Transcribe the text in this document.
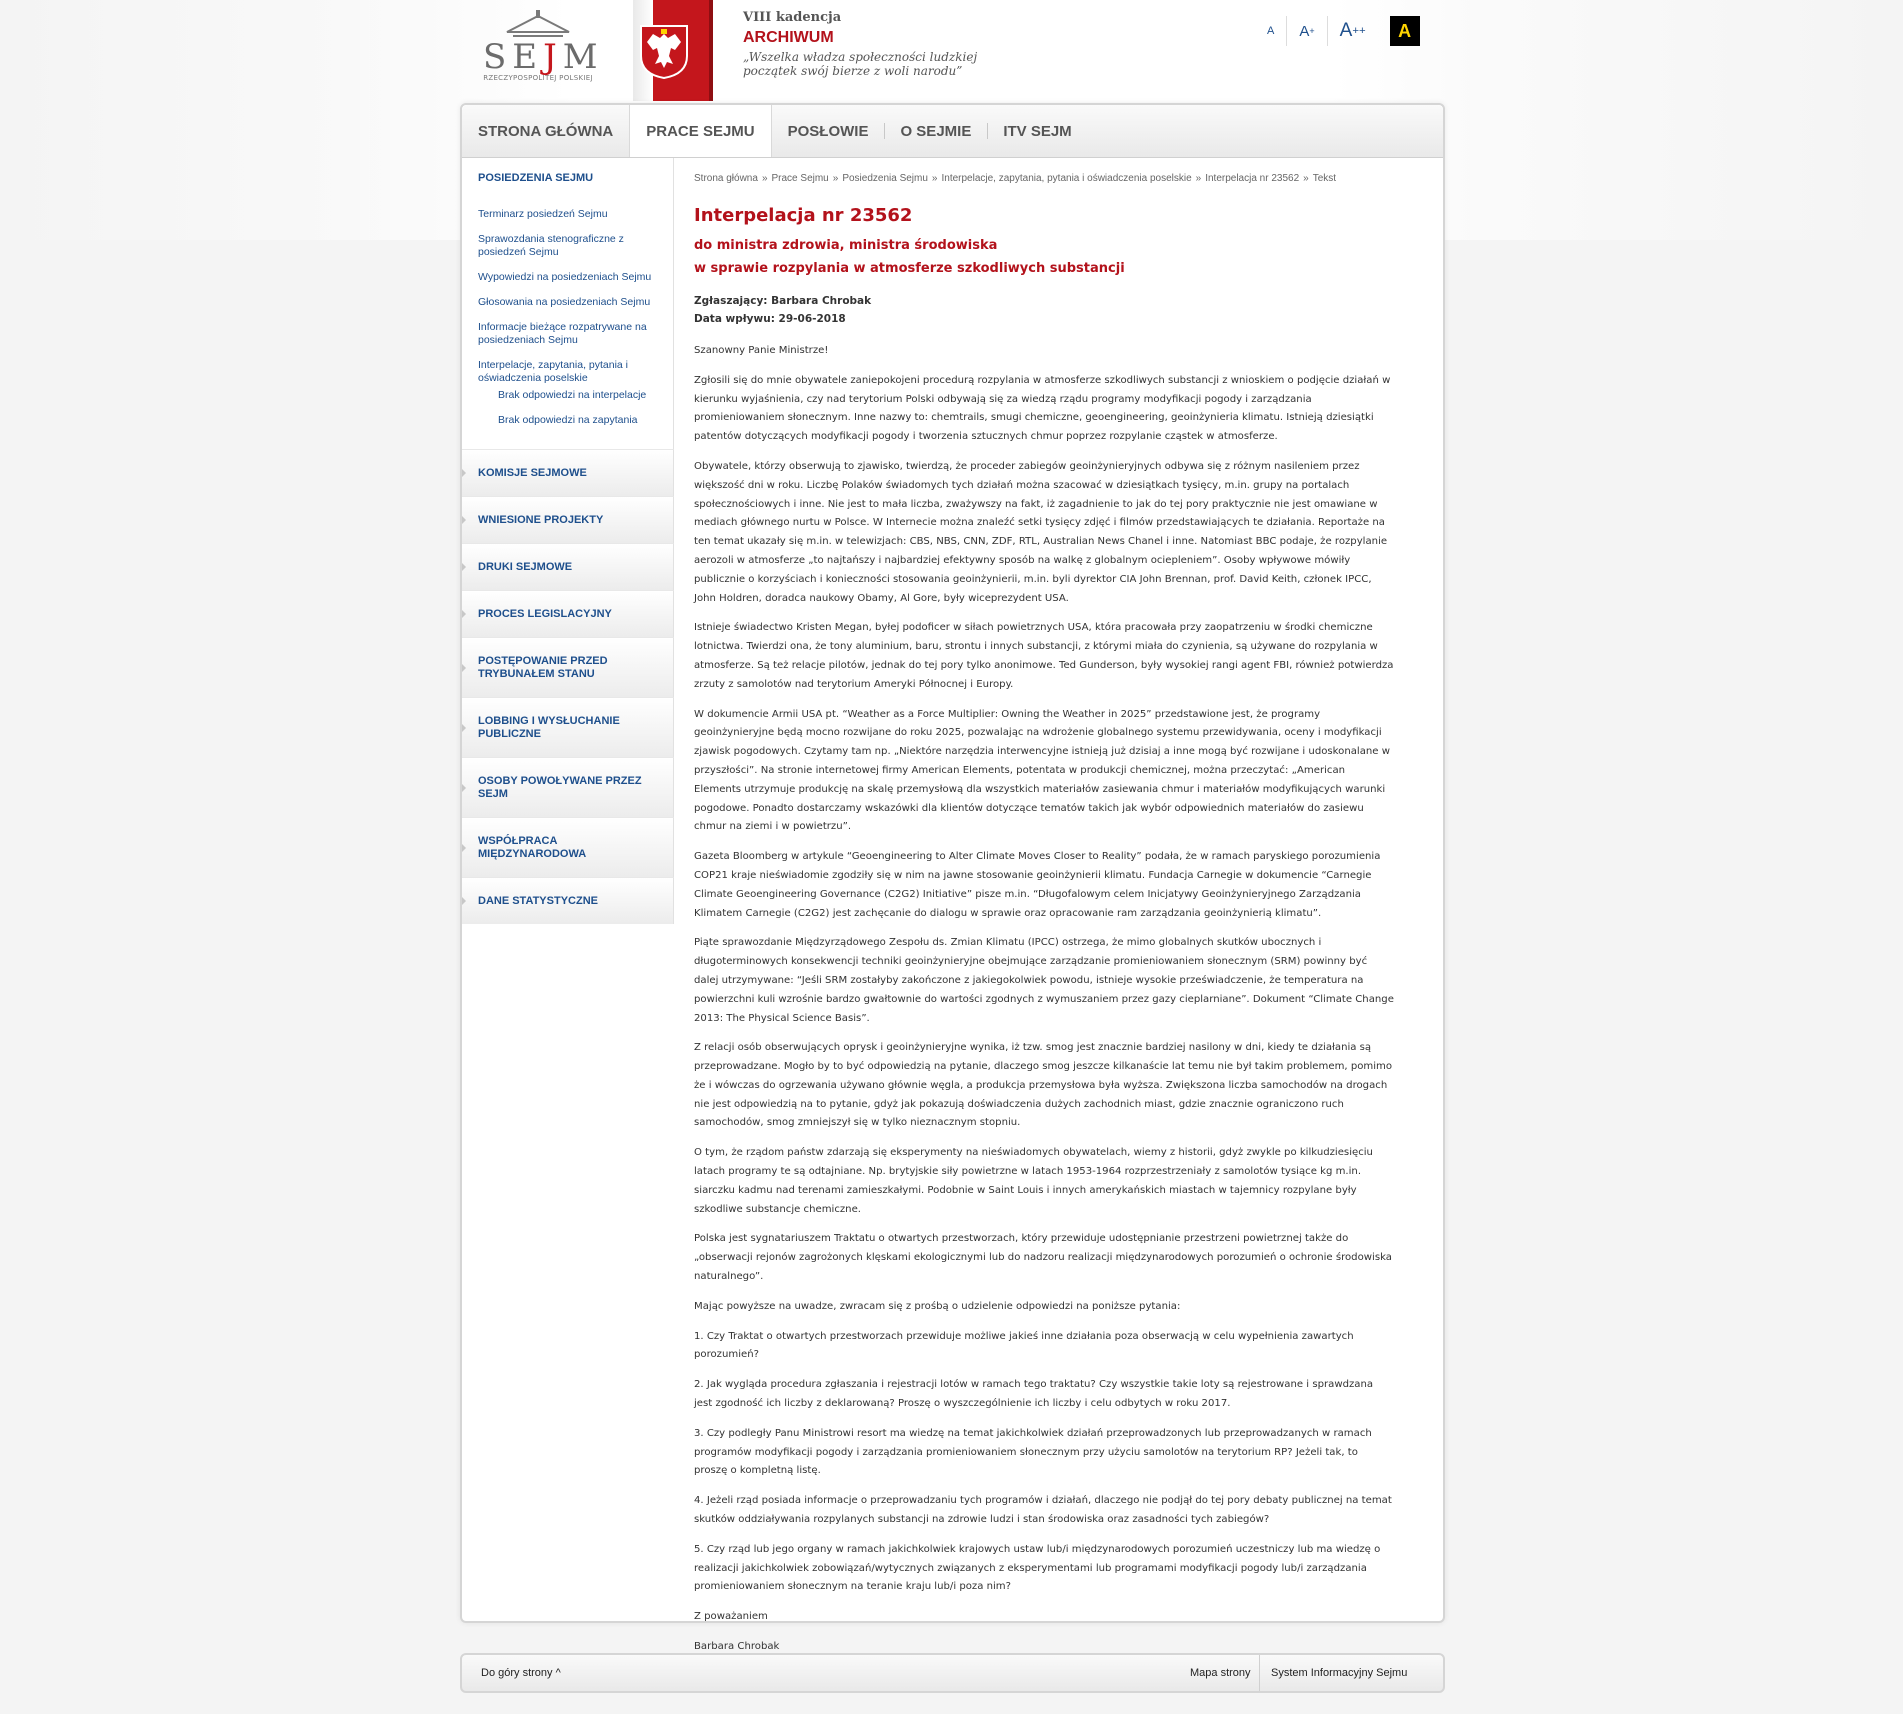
SEJM
RZECZYPOSPOLITEJ POLSKIEJ
VIII kadencja
ARCHIWUM
„Wszelka władza społeczności ludzkiej
początek swój bierze z woli narodu”
A A + A ++	A
STRONA GŁÓWNA	PRACE SEJMU	POSŁOWIE	O SEJMIE	ITV SEJM
POSIEDZENIA SEJMU
Terminarz posiedzeń Sejmu
Sprawozdania stenograficzne z posiedzeń Sejmu
Wypowiedzi na posiedzeniach Sejmu
Głosowania na posiedzeniach Sejmu
Informacje bieżące rozpatrywane na posiedzeniach Sejmu
Interpelacje, zapytania, pytania i oświadczenia poselskie
Brak odpowiedzi na interpelacje
Brak odpowiedzi na zapytania
KOMISJE SEJMOWE
WNIESIONE PROJEKTY
DRUKI SEJMOWE
PROCES LEGISLACYJNY
POSTĘPOWANIE PRZED TRYBUNAŁEM STANU
LOBBING I WYSŁUCHANIE PUBLICZNE
OSOBY POWOŁYWANE PRZEZ SEJM
WSPÓŁPRACA MIĘDZYNARODOWA
DANE STATYSTYCZNE
Strona główna » Prace Sejmu » Posiedzenia Sejmu » Interpelacje, zapytania, pytania i oświadczenia poselskie » Interpelacja nr 23562 » Tekst
Interpelacja nr 23562
do ministra zdrowia, ministra środowiska
w sprawie rozpylania w atmosferze szkodliwych substancji
Zgłaszający: Barbara Chrobak
Data wpływu: 29-06-2018

Szanowny Panie Ministrze!

Zgłosili się do mnie obywatele zaniepokojeni procedurą rozpylania w atmosferze szkodliwych substancji z wnioskiem o podjęcie działań w kierunku wyjaśnienia, czy nad terytorium Polski odbywają się za wiedzą rządu programy modyfikacji pogody i zarządzania promieniowaniem słonecznym. Inne nazwy to: chemtrails, smugi chemiczne, geoengineering, geoinżynieria klimatu. Istnieją dziesiątki patentów dotyczących modyfikacji pogody i tworzenia sztucznych chmur poprzez rozpylanie cząstek w atmosferze.

Obywatele, którzy obserwują to zjawisko, twierdzą, że proceder zabiegów geoinżynieryjnych odbywa się z różnym nasileniem przez większość dni w roku. Liczbę Polaków świadomych tych działań można szacować w dziesiątkach tysięcy, m.in. grupy na portalach społecznościowych i inne. Nie jest to mała liczba, zważywszy na fakt, iż zagadnienie to jak do tej pory praktycznie nie jest omawiane w mediach głównego nurtu w Polsce. W Internecie można znaleźć setki tysięcy zdjęć i filmów przedstawiających te działania. Reportaże na ten temat ukazały się m.in. w telewizjach: CBS, NBS, CNN, ZDF, RTL, Australian News Chanel i inne. Natomiast BBC podaje, że rozpylanie aerozoli w atmosferze „to najtańszy i najbardziej efektywny sposób na walkę z globalnym ociepleniem”. Osoby wpływowe mówiły publicznie o korzyściach i konieczności stosowania geoinżynierii, m.in. byli dyrektor CIA John Brennan, prof. David Keith, członek IPCC, John Holdren, doradca naukowy Obamy, Al Gore, były wiceprezydent USA.

Istnieje świadectwo Kristen Megan, byłej podoficer w siłach powietrznych USA, która pracowała przy zaopatrzeniu w środki chemiczne lotnictwa. Twierdzi ona, że tony aluminium, baru, strontu i innych substancji, z którymi miała do czynienia, są używane do rozpylania w atmosferze. Są też relacje pilotów, jednak do tej pory tylko anonimowe. Ted Gunderson, były wysokiej rangi agent FBI, również potwierdza zrzuty z samolotów nad terytorium Ameryki Północnej i Europy.

W dokumencie Armii USA pt. “Weather as a Force Multiplier: Owning the Weather in 2025” przedstawione jest, że programy geoinżynieryjne będą mocno rozwijane do roku 2025, pozwalając na wdrożenie globalnego systemu przewidywania, oceny i modyfikacji zjawisk pogodowych. Czytamy tam np. „Niektóre narzędzia interwencyjne istnieją już dzisiaj a inne mogą być rozwijane i udoskonalane w przyszłości”. Na stronie internetowej firmy American Elements, potentata w produkcji chemicznej, można przeczytać: „American Elements utrzymuje produkcję na skalę przemysłową dla wszystkich materiałów zasiewania chmur i materiałów modyfikujących warunki pogodowe. Ponadto dostarczamy wskazówki dla klientów dotyczące tematów takich jak wybór odpowiednich materiałów do zasiewu chmur na ziemi i w powietrzu”.

Gazeta Bloomberg w artykule “Geoengineering to Alter Climate Moves Closer to Reality” podała, że w ramach paryskiego porozumienia COP21 kraje nieświadomie zgodziły się w nim na jawne stosowanie geoinżynierii klimatu. Fundacja Carnegie w dokumencie “Carnegie Climate Geoengineering Governance (C2G2) Initiative” pisze m.in. “Długofalowym celem Inicjatywy Geoinżynieryjnego Zarządzania Klimatem Carnegie (C2G2) jest zachęcanie do dialogu w sprawie oraz opracowanie ram zarządzania geoinżynierią klimatu”.

Piąte sprawozdanie Międzyrządowego Zespołu ds. Zmian Klimatu (IPCC) ostrzega, że mimo globalnych skutków ubocznych i długoterminowych konsekwencji techniki geoinżynieryjne obejmujące zarządzanie promieniowaniem słonecznym (SRM) powinny być dalej utrzymywane: “Jeśli SRM zostałyby zakończone z jakiegokolwiek powodu, istnieje wysokie przeświadczenie, że temperatura na powierzchni kuli wzrośnie bardzo gwałtownie do wartości zgodnych z wymuszaniem przez gazy cieplarniane”. Dokument “Climate Change 2013: The Physical Science Basis”.

Z relacji osób obserwujących oprysk i geoinżynieryjne wynika, iż tzw. smog jest znacznie bardziej nasilony w dni, kiedy te działania są przeprowadzane. Mogło by to być odpowiedzią na pytanie, dlaczego smog jeszcze kilkanaście lat temu nie był takim problemem, pomimo że i wówczas do ogrzewania używano głównie węgla, a produkcja przemysłowa była wyższa. Zwiększona liczba samochodów na drogach nie jest odpowiedzią na to pytanie, gdyż jak pokazują doświadczenia dużych zachodnich miast, gdzie znacznie ograniczono ruch samochodów, smog zmniejszył się w tylko nieznacznym stopniu.

O tym, że rządom państw zdarzają się eksperymenty na nieświadomych obywatelach, wiemy z historii, gdyż zwykle po kilkudziesięciu latach programy te są odtajniane. Np. brytyjskie siły powietrzne w latach 1953-1964 rozprzestrzeniały z samolotów tysiące kg m.in. siarczku kadmu nad terenami zamieszkałymi. Podobnie w Saint Louis i innych amerykańskich miastach w tajemnicy rozpylane były szkodliwe substancje chemiczne.

Polska jest sygnatariuszem Traktatu o otwartych przestworzach, który przewiduje udostępnianie przestrzeni powietrznej także do „obserwacji rejonów zagrożonych klęskami ekologicznymi lub do nadzoru realizacji międzynarodowych porozumień o ochronie środowiska naturalnego”.

Mając powyższe na uwadze, zwracam się z prośbą o udzielenie odpowiedzi na poniższe pytania:

1. Czy Traktat o otwartych przestworzach przewiduje możliwe jakieś inne działania poza obserwacją w celu wypełnienia zawartych porozumień?

2. Jak wygląda procedura zgłaszania i rejestracji lotów w ramach tego traktatu? Czy wszystkie takie loty są rejestrowane i sprawdzana jest zgodność ich liczby z deklarowaną? Proszę o wyszczególnienie ich liczby i celu odbytych w roku 2017.

3. Czy podległy Panu Ministrowi resort ma wiedzę na temat jakichkolwiek działań przeprowadzonych lub przeprowadzanych w ramach programów modyfikacji pogody i zarządzania promieniowaniem słonecznym przy użyciu samolotów na terytorium RP? Jeżeli tak, to proszę o kompletną listę.

4. Jeżeli rząd posiada informacje o przeprowadzaniu tych programów i działań, dlaczego nie podjął do tej pory debaty publicznej na temat skutków oddziaływania rozpylanych substancji na zdrowie ludzi i stan środowiska oraz zasadności tych zabiegów?

5. Czy rząd lub jego organy w ramach jakichkolwiek krajowych ustaw lub/i międzynarodowych porozumień uczestniczy lub ma wiedzę o realizacji jakichkolwiek zobowiązań/wytycznych związanych z eksperymentami lub programami modyfikacji pogody lub/i zarządzania promieniowaniem słonecznym na teranie kraju lub/i poza nim?

Z poważaniem

Barbara Chrobak

Do góry strony ^	Mapa strony System Informacyjny Sejmu
